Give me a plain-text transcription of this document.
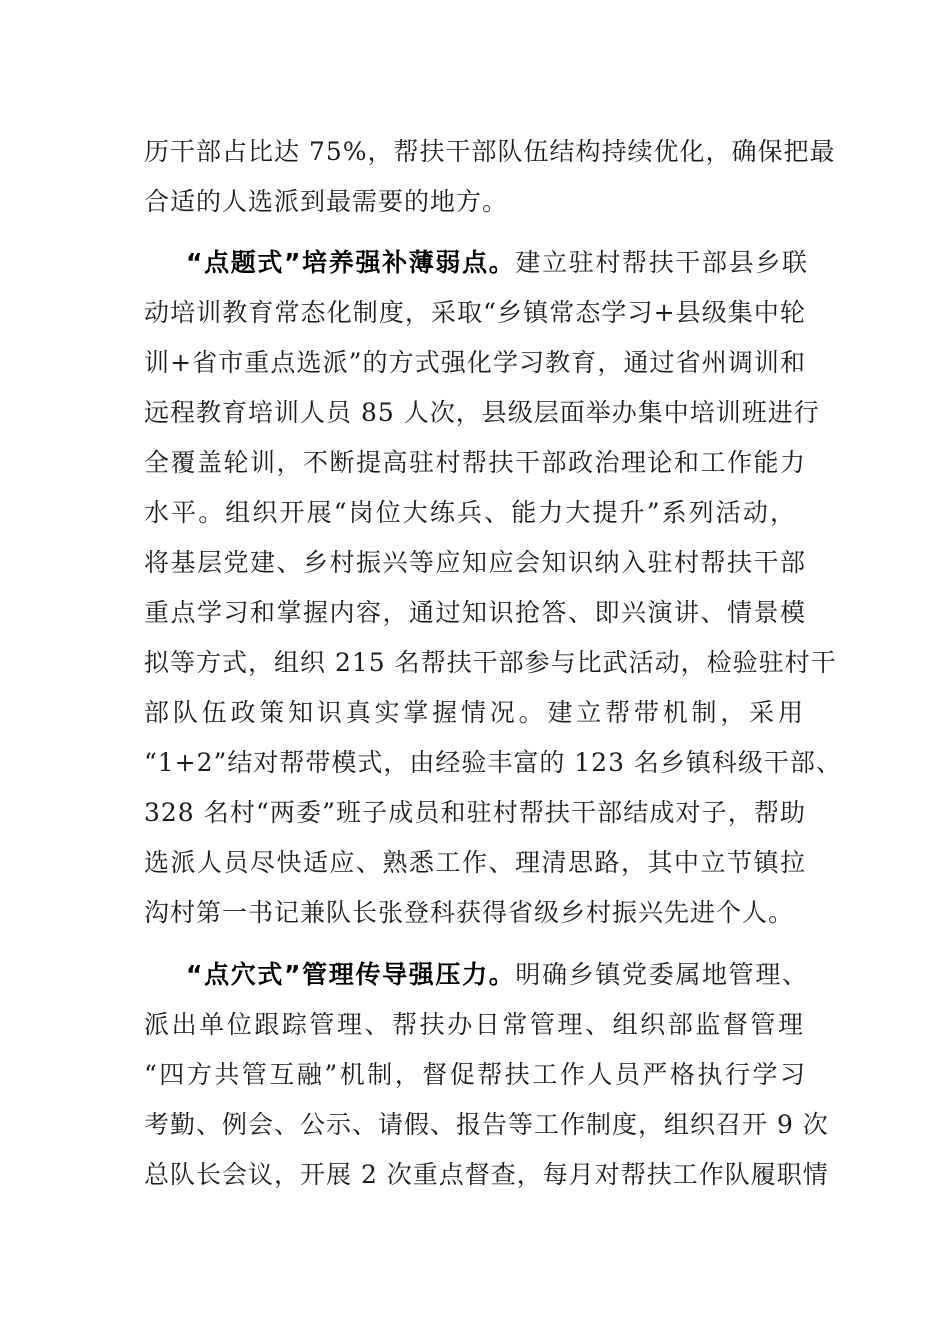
历干部占比达 75%，帮扶干部队伍结构持续优化，确保把最
合适的人选派到最需要的地方。
“点题式”培养强补薄弱点。建立驻村帮扶干部县乡联
动培训教育常态化制度，采取“乡镇常态学习+县级集中轮
训+省市重点选派”的方式强化学习教育，通过省州调训和
远程教育培训人员 85 人次，县级层面举办集中培训班进行
全覆盖轮训，不断提高驻村帮扶干部政治理论和工作能力
水平。组织开展“岗位大练兵、能力大提升”系列活动，
将基层党建、乡村振兴等应知应会知识纳入驻村帮扶干部
重点学习和掌握内容，通过知识抢答、即兴演讲、情景模
拟等方式，组织 215 名帮扶干部参与比武活动，检验驻村干
部队伍政策知识真实掌握情况。建立帮带机制，采用
“1+2”结对帮带模式，由经验丰富的 123 名乡镇科级干部、
328 名村“两委”班子成员和驻村帮扶干部结成对子，帮助
选派人员尽快适应、熟悉工作、理清思路，其中立节镇拉
沟村第一书记兼队长张登科获得省级乡村振兴先进个人。
“点穴式”管理传导强压力。明确乡镇党委属地管理、
派出单位跟踪管理、帮扶办日常管理、组织部监督管理
“四方共管互融”机制，督促帮扶工作人员严格执行学习
考勤、例会、公示、请假、报告等工作制度，组织召开 9 次
总队长会议，开展 2 次重点督查，每月对帮扶工作队履职情
